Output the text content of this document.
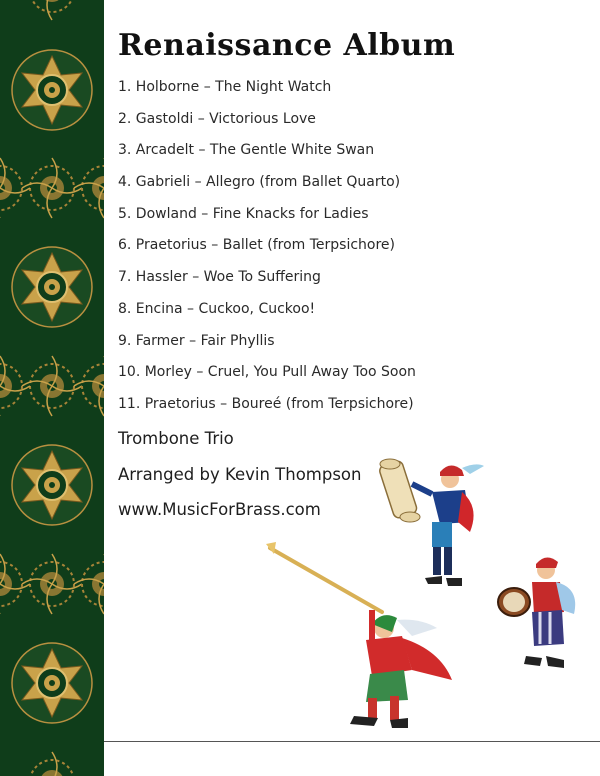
Renaissance Album
1. Holborne – The Night Watch
2. Gastoldi – Victorious Love
3. Arcadelt – The Gentle White Swan
4. Gabrieli – Allegro (from Ballet Quarto)
5. Dowland – Fine Knacks for Ladies
6. Praetorius – Ballet (from Terpsichore)
7. Hassler – Woe To Suffering
8. Encina – Cuckoo, Cuckoo!
9. Farmer – Fair Phyllis
10. Morley – Cruel, You Pull Away Too Soon
11. Praetorius – Boureé (from Terpsichore)
Trombone Trio
Arranged by Kevin Thompson
www.MusicForBrass.com
